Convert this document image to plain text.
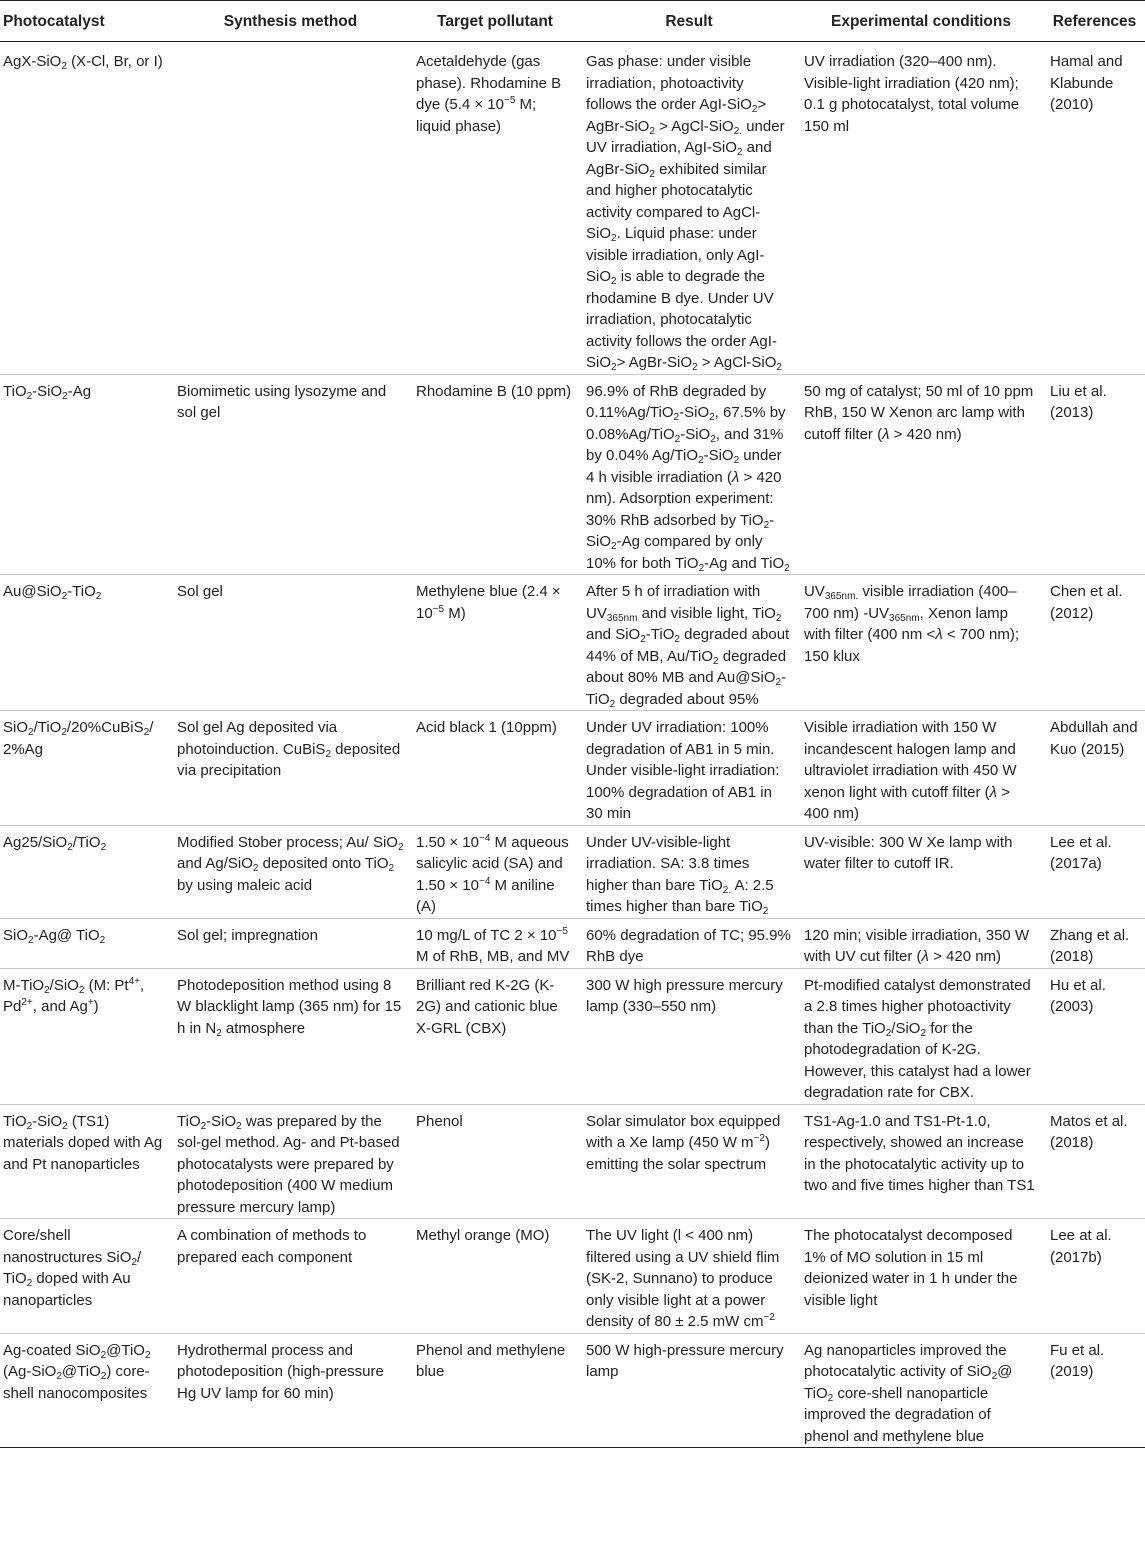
Photocatalyst	Synthesis method	Target pollutant	Result	Experimental conditions	References
AgX-SiO$_2$ (X-Cl, Br, or I)		Acetaldehyde (gas phase). Rhodamine B dye ($5.4 \times 10^{-5}$ M; liquid phase)	Gas phase: under visible irradiation, photoactivity follows the order AgI-SiO$_2$> AgBr-SiO$_2$ > AgCl-SiO$_{2.}$ under UV irradiation, AgI-SiO$_2$ and AgBr-SiO$_2$ exhibited similar and higher photocatalytic activity compared to AgCl-SiO$_2$. Liquid phase: under visible irradiation, only AgI-SiO$_2$ is able to degrade the rhodamine B dye. Under UV irradiation, photocatalytic activity follows the order AgI-SiO$_2$> AgBr-SiO$_2$ > AgCl-SiO$_2$	UV irradiation (320–400 nm). Visible-light irradiation (420 nm); 0.1 g photocatalyst, total volume 150 ml	Hamal and Klabunde (2010)
TiO$_2$-SiO$_2$-Ag	Biomimetic using lysozyme and sol gel	Rhodamine B (10 ppm)	96.9% of RhB degraded by 0.11%Ag/TiO$_2$-SiO$_2$, 67.5% by 0.08%Ag/TiO$_2$-SiO$_2$, and 31% by 0.04% Ag/TiO$_2$-SiO$_2$ under 4 h visible irradiation (λ > 420 nm). Adsorption experiment: 30% RhB adsorbed by TiO$_2$-SiO$_2$-Ag compared by only 10% for both TiO$_2$-Ag and TiO$_2$	50 mg of catalyst; 50 ml of 10 ppm RhB, 150 W Xenon arc lamp with cutoff filter (λ > 420 nm)	Liu et al. (2013)
Au@SiO$_2$-TiO$_2$	Sol gel	Methylene blue ($2.4 \times 10^{-5}$ M)	After 5 h of irradiation with $UV_{365nm}$ and visible light, TiO$_2$ and SiO$_2$-TiO$_2$ degraded about 44% of MB, Au/TiO$_2$ degraded about 80% MB and Au@SiO$_2$-TiO$_2$ degraded about 95%	$UV_{365nm.}$ visible irradiation (400–700 nm) $-UV_{365nm}$, Xenon lamp with filter (400 nm <λ < 700 nm); 150 klux	Chen et al. (2012)
SiO$_2$/TiO$_2$/20%CuBiS$_2$/ 2%Ag	Sol gel Ag deposited via photoinduction. CuBiS$_2$ deposited via precipitation	Acid black 1 (10ppm)	Under UV irradiation: 100% degradation of AB1 in 5 min. Under visible-light irradiation: 100% degradation of AB1 in 30 min	Visible irradiation with 150 W incandescent halogen lamp and ultraviolet irradiation with 450 W xenon light with cutoff filter (λ > 400 nm)	Abdullah and Kuo (2015)
Ag25/SiO$_2$/TiO$_2$	Modified Stober process; Au/ SiO$_2$ and Ag/SiO$_2$ deposited onto TiO$_2$ by using maleic acid	$1.50 \times 10^{-4}$ M aqueous salicylic acid (SA) and $1.50 \times 10^{-4}$ M aniline (A)	Under UV-visible-light irradiation. SA: 3.8 times higher than bare TiO$_{2.}$ A: 2.5 times higher than bare TiO$_2$	UV-visible: 300 W Xe lamp with water filter to cutoff IR.	Lee et al. (2017a)
SiO$_2$-Ag@ TiO$_2$	Sol gel; impregnation	10 mg/L of TC $2 \times 10^{-5}$ M of RhB, MB, and MV	60% degradation of TC; 95.9% RhB dye	120 min; visible irradiation, 350 W with UV cut filter (λ > 420 nm)	Zhang et al. (2018)
M-TiO$_2$/SiO$_2$ (M: $Pt^{4+}$, $Pd^{2+}$, and Ag+)	Photodeposition method using 8 W blacklight lamp (365 nm) for 15 h in $N_2$ atmosphere	Brilliant red K-2G (K-2G) and cationic blue X-GRL (CBX)	300 W high pressure mercury lamp (330–550 nm)	Pt-modified catalyst demonstrated a 2.8 times higher photoactivity than the TiO$_2$/SiO$_2$ for the photodegradation of K-2G. However, this catalyst had a lower degradation rate for CBX.	Hu et al. (2003)
TiO$_2$-SiO$_2$ (TS1) materials doped with Ag and Pt nanoparticles	TiO$_2$-SiO$_2$ was prepared by the sol-gel method. Ag- and Pt-based photocatalysts were prepared by photodeposition (400 W medium pressure mercury lamp)	Phenol	Solar simulator box equipped with a Xe lamp (450 W $m^{-2}$) emitting the solar spectrum	TS1-Ag-1.0 and TS1-Pt-1.0, respectively, showed an increase in the photocatalytic activity up to two and five times higher than TS1	Matos et al. (2018)
Core/shell nanostructures SiO$_2$/ TiO$_2$ doped with Au nanoparticles	A combination of methods to prepared each component	Methyl orange (MO)	The UV light (l < 400 nm) filtered using a UV shield flim (SK-2, Sunnano) to produce only visible light at a power density of 80 ± 2.5 mW $cm^{-2}$	The photocatalyst decomposed 1% of MO solution in 15 ml deionized water in 1 h under the visible light	Lee at al. (2017b)
Ag-coated SiO$_2$@TiO$_2$ (Ag-SiO$_2$@TiO$_2$) core-shell nanocomposites	Hydrothermal process and photodeposition (high-pressure Hg UV lamp for 60 min)	Phenol and methylene blue	500 W high-pressure mercury lamp	Ag nanoparticles improved the photocatalytic activity of SiO$_2$@ TiO$_2$ core-shell nanoparticle improved the degradation of phenol and methylene blue	Fu et al. (2019)
